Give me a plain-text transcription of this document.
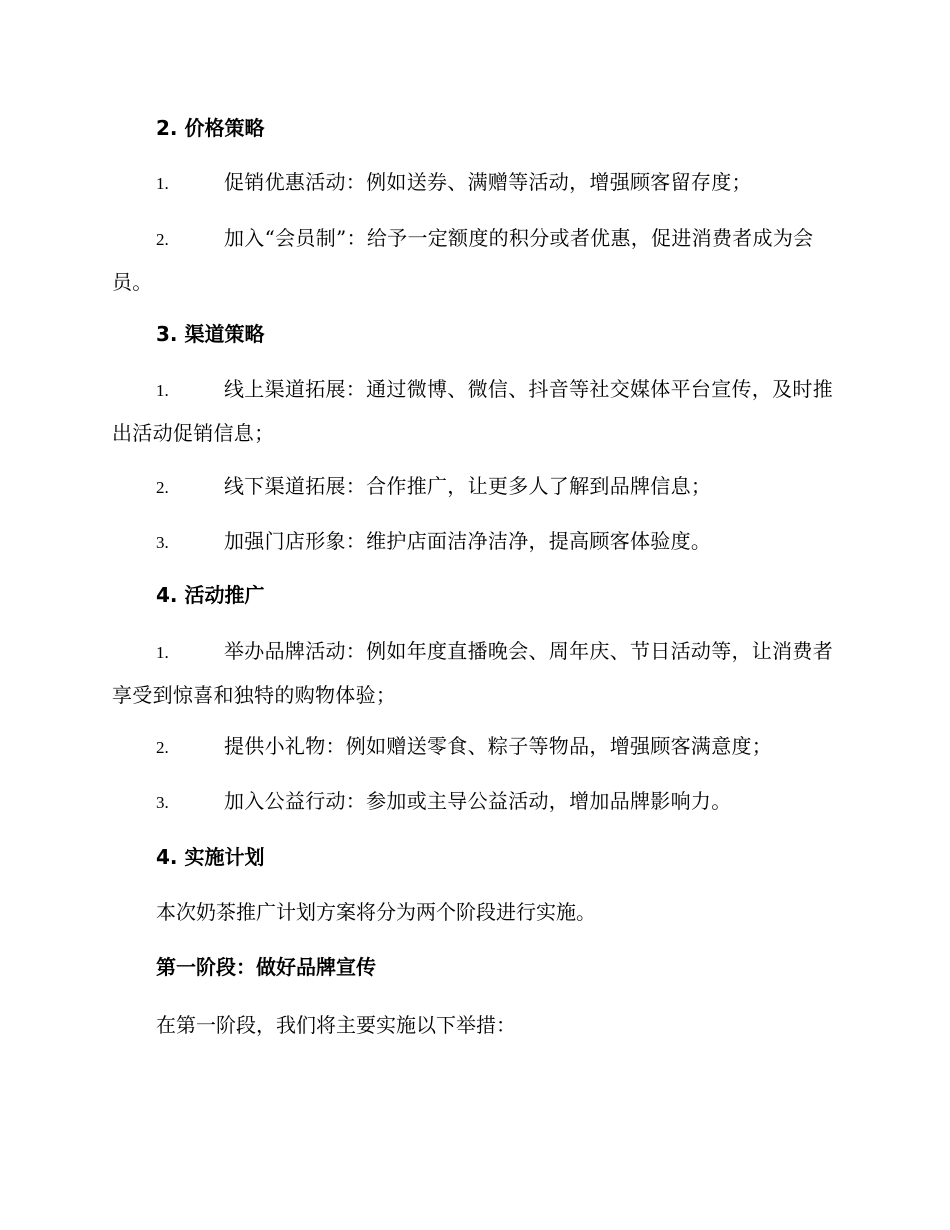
2. 价格策略
1.	促销优惠活动：例如送券、满赠等活动，增强顾客留存度；
2.	加入“会员制”：给予一定额度的积分或者优惠，促进消费者成为会员。
3. 渠道策略
1.	线上渠道拓展：通过微博、微信、抖音等社交媒体平台宣传，及时推出活动促销信息；
2.	线下渠道拓展：合作推广，让更多人了解到品牌信息；
3.	加强门店形象：维护店面洁净洁净，提高顾客体验度。
4. 活动推广
1.	举办品牌活动：例如年度直播晚会、周年庆、节日活动等，让消费者享受到惊喜和独特的购物体验；
2.	提供小礼物：例如赠送零食、粽子等物品，增强顾客满意度；
3.	加入公益行动：参加或主导公益活动，增加品牌影响力。
4. 实施计划
本次奶茶推广计划方案将分为两个阶段进行实施。
第一阶段：做好品牌宣传
在第一阶段，我们将主要实施以下举措：
